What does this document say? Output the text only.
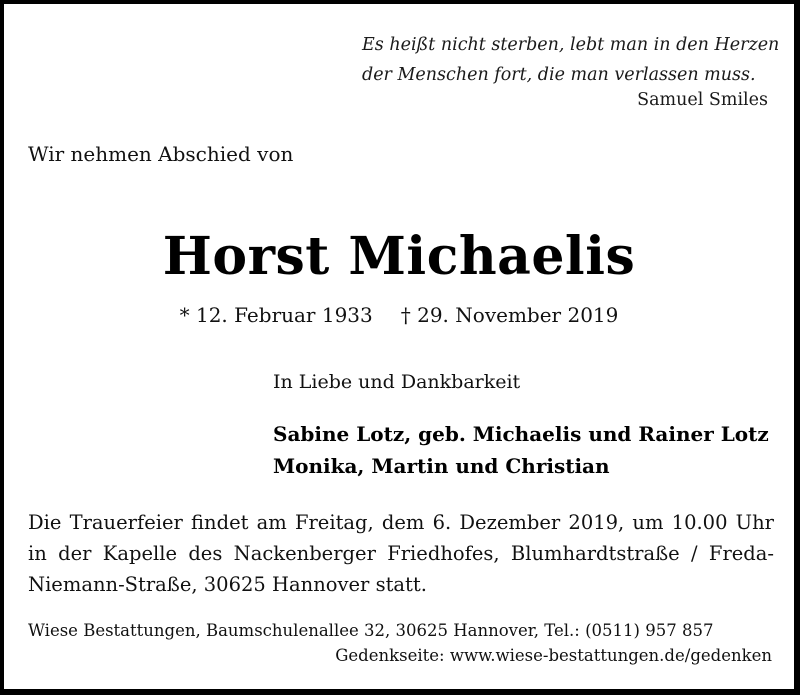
Es heißt nicht sterben, lebt man in den Herzen
der Menschen fort, die man verlassen muss.
Samuel Smiles
Wir nehmen Abschied von
Horst Michaelis
* 12. Februar 1933 † 29. November 2019
In Liebe und Dankbarkeit
Sabine Lotz, geb. Michaelis und Rainer Lotz
Monika, Martin und Christian
Die Trauerfeier findet am Freitag, dem 6. Dezember 2019, um 10.00 Uhr
in der Kapelle des Nackenberger Friedhofes, Blumhardtstraße / Freda-
Niemann-Straße, 30625 Hannover statt.
Wiese Bestattungen, Baumschulenallee 32, 30625 Hannover, Tel.: (0511) 957 857
Gedenkseite: www.wiese-bestattungen.de/gedenken
